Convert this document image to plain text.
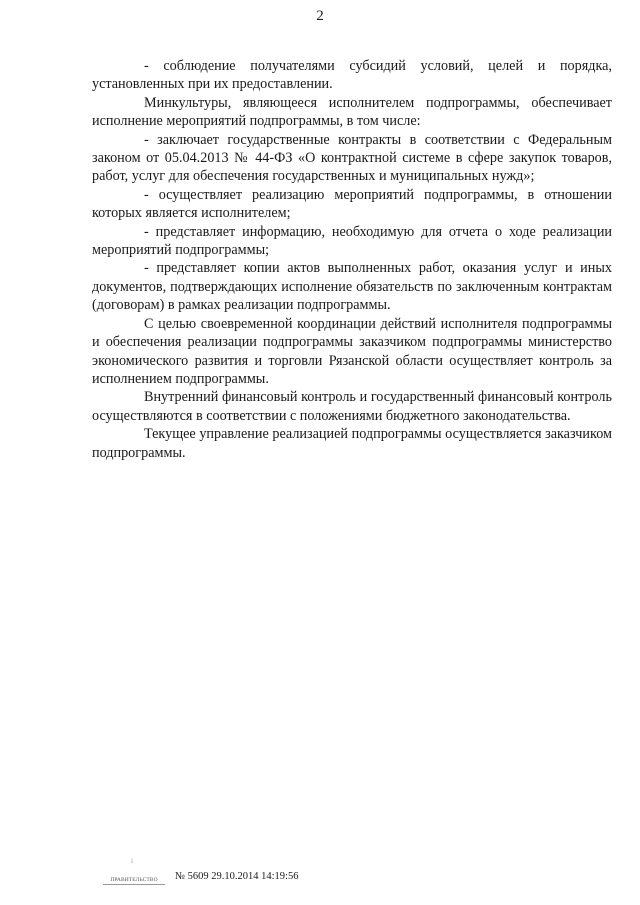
2

- соблюдение получателями субсидий условий, целей и порядка, установленных при их предоставлении.

Минкультуры, являющееся исполнителем подпрограммы, обеспечивает исполнение мероприятий подпрограммы, в том числе:

- заключает государственные контракты в соответствии с Федеральным законом от 05.04.2013 № 44-ФЗ «О контрактной системе в сфере закупок товаров, работ, услуг для обеспечения государственных и муниципальных нужд»;

- осуществляет реализацию мероприятий подпрограммы, в отношении которых является исполнителем;

- представляет информацию, необходимую для отчета о ходе реализации мероприятий подпрограммы;

- представляет копии актов выполненных работ, оказания услуг и иных документов, подтверждающих исполнение обязательств по заключенным контрактам (договорам) в рамках реализации подпрограммы.

С целью своевременной координации действий исполнителя подпрограммы и обеспечения реализации подпрограммы заказчиком подпрограммы министерство экономического развития и торговли Рязанской области осуществляет контроль за исполнением подпрограммы.

Внутренний финансовый контроль и государственный финансовый контроль осуществляются в соответствии с положениями бюджетного законодательства.

Текущее управление реализацией подпрограммы осуществляется заказчиком подпрограммы.

i
ПРАВИТЕЛЬСТВО № 5609 29.10.2014 14:19:56
